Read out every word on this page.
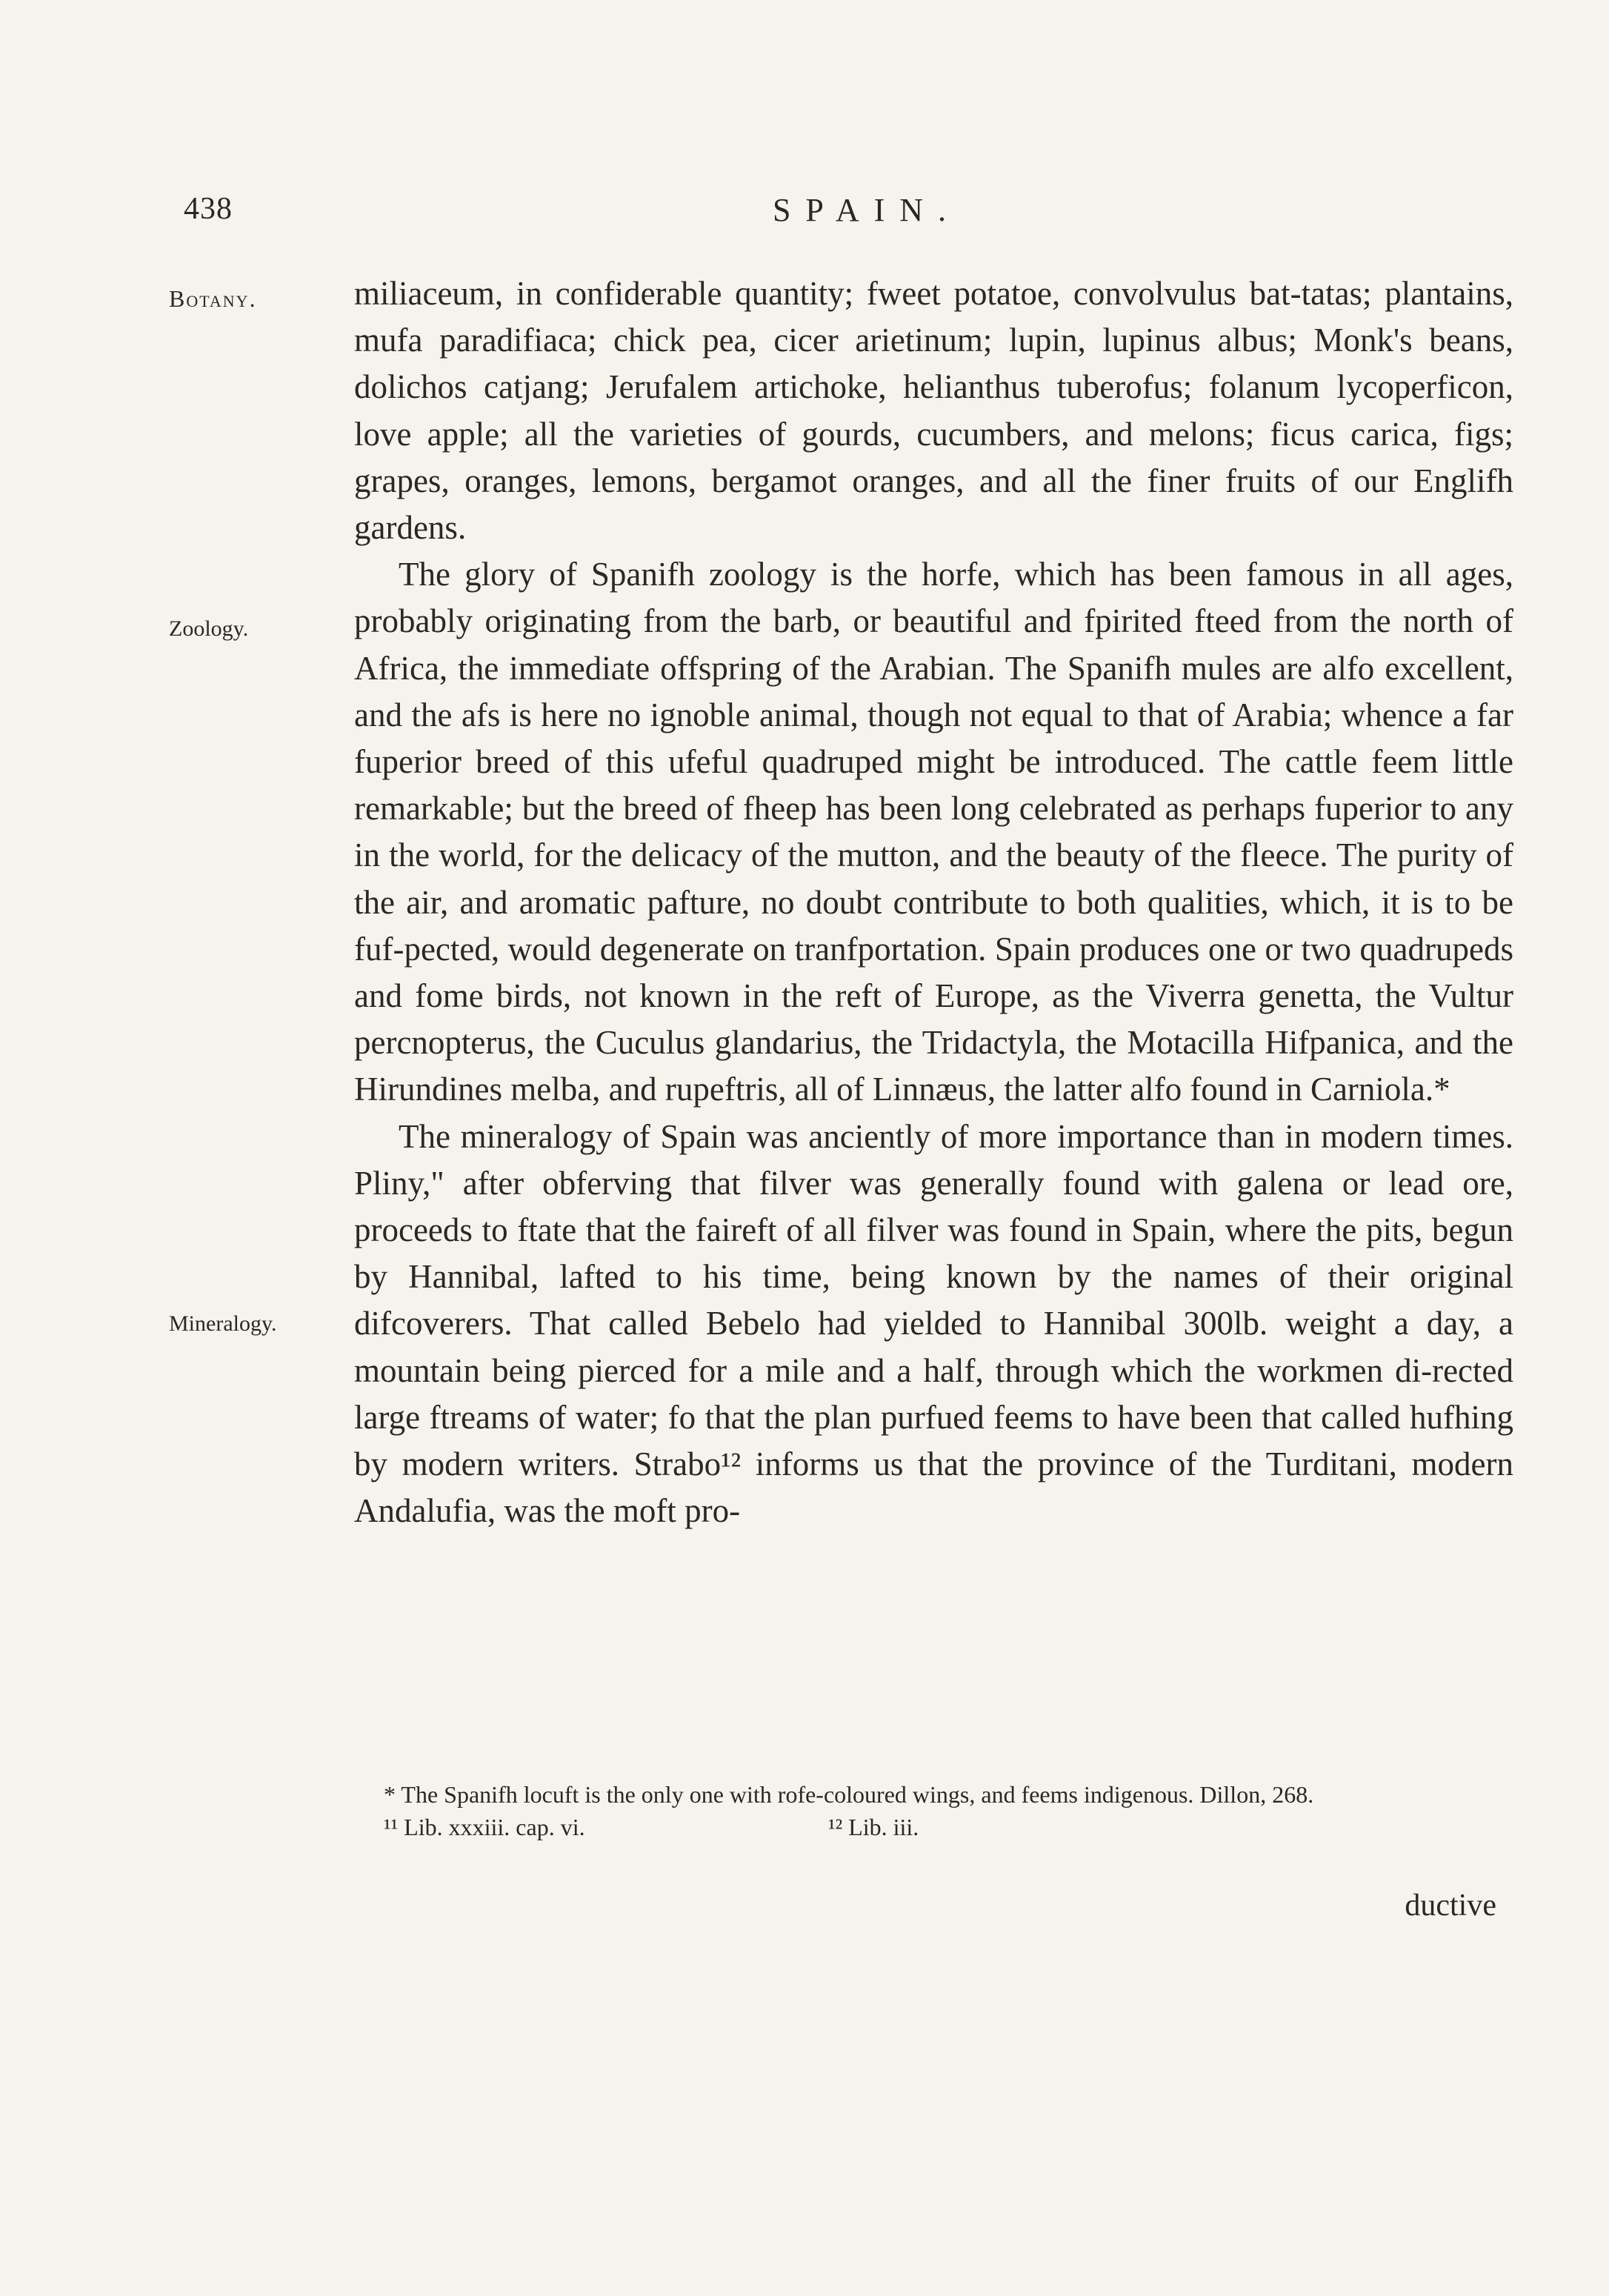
438	SPAIN.
Botany.
Zoology.
Mineralogy.

miliaceum, in confiderable quantity; fweet potatoe, convolvulus bat-tatas; plantains, mufa paradifiaca; chick pea, cicer arietinum; lupin, lupinus albus; Monk's beans, dolichos catjang; Jerufalem artichoke, helianthus tuberofus; folanum lycoperficon, love apple; all the varieties of gourds, cucumbers, and melons; ficus carica, figs; grapes, oranges, lemons, bergamot oranges, and all the finer fruits of our Englifh gardens.

The glory of Spanifh zoology is the horfe, which has been famous in all ages, probably originating from the barb, or beautiful and fpirited fteed from the north of Africa, the immediate offspring of the Arabian. The Spanifh mules are alfo excellent, and the afs is here no ignoble animal, though not equal to that of Arabia; whence a far fuperior breed of this ufeful quadruped might be introduced. The cattle feem little remarkable; but the breed of fheep has been long celebrated as perhaps fuperior to any in the world, for the delicacy of the mutton, and the beauty of the fleece. The purity of the air, and aromatic pafture, no doubt contribute to both qualities, which, it is to be fuf-pected, would degenerate on tranfportation. Spain produces one or two quadrupeds and fome birds, not known in the reft of Europe, as the Viverra genetta, the Vultur percnopterus, the Cuculus glandarius, the Tridactyla, the Motacilla Hifpanica, and the Hirundines melba, and rupeftris, all of Linnæus, the latter alfo found in Carniola.*

The mineralogy of Spain was anciently of more importance than in modern times. Pliny," after obferving that filver was generally found with galena or lead ore, proceeds to ftate that the faireft of all filver was found in Spain, where the pits, begun by Hannibal, lafted to his time, being known by the names of their original difcoverers. That called Bebelo had yielded to Hannibal 300lb. weight a day, a mountain being pierced for a mile and a half, through which the workmen di-rected large ftreams of water; fo that the plan purfued feems to have been that called hufhing by modern writers. Strabo¹² informs us that the province of the Turditani, modern Andalufia, was the moft pro-

* The Spanifh locuft is the only one with rofe-coloured wings, and feems indigenous. Dillon, 268.
¹¹ Lib. xxxiii. cap. vi.	¹² Lib. iii.
ductive
